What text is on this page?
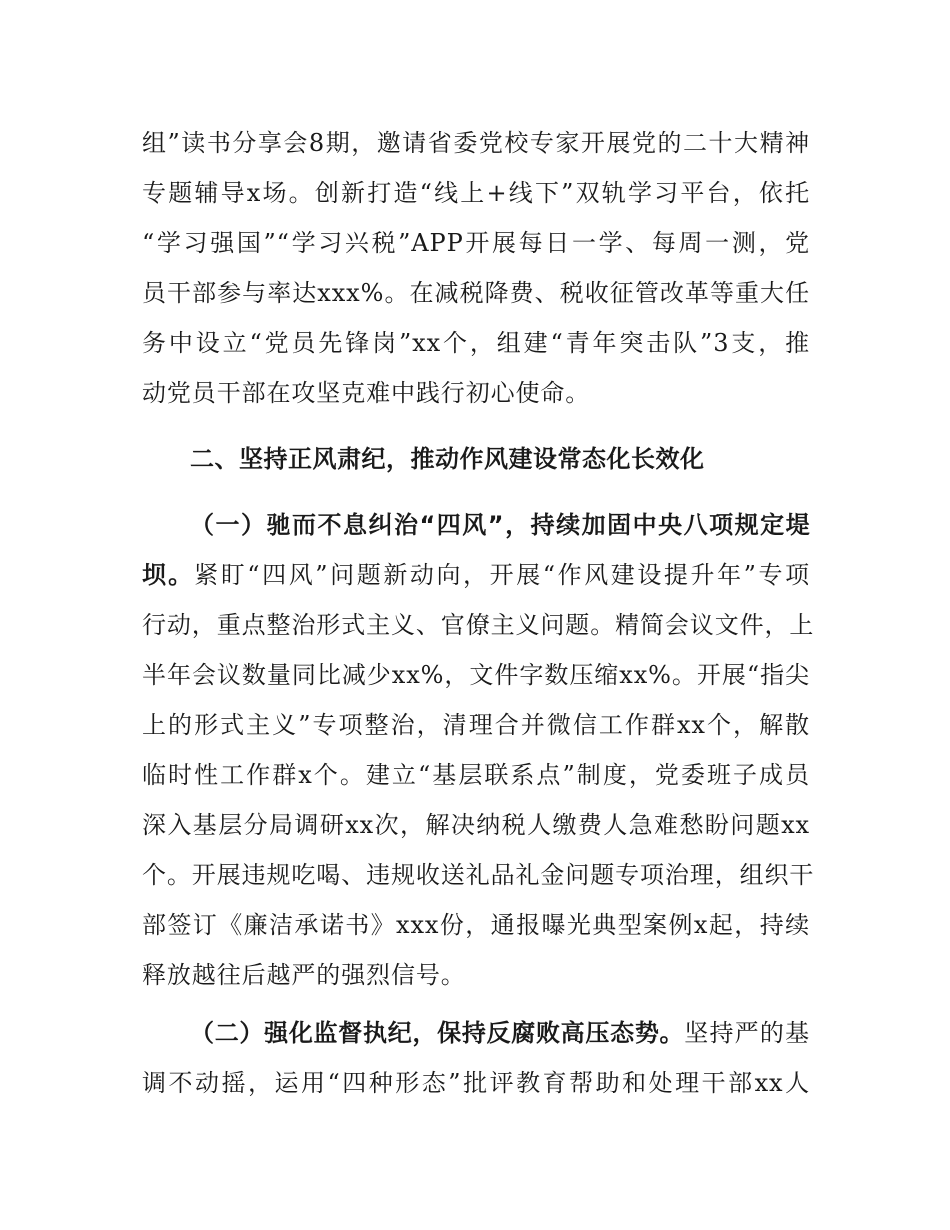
组”读书分享会8期，邀请省委党校专家开展党的二十大精神
专题辅导x场。创新打造“线上+线下”双轨学习平台，依托
“学习强国”“学习兴税”APP开展每日一学、每周一测，党
员干部参与率达xxx%。在减税降费、税收征管改革等重大任
务中设立“党员先锋岗”xx个，组建“青年突击队”3支，推
动党员干部在攻坚克难中践行初心使命。
二、坚持正风肃纪，推动作风建设常态化长效化
（一）驰而不息纠治“四风”，持续加固中央八项规定堤
坝。紧盯“四风”问题新动向，开展“作风建设提升年”专项
行动，重点整治形式主义、官僚主义问题。精简会议文件，上
半年会议数量同比减少xx%，文件字数压缩xx%。开展“指尖
上的形式主义”专项整治，清理合并微信工作群xx个，解散
临时性工作群x个。建立“基层联系点”制度，党委班子成员
深入基层分局调研xx次，解决纳税人缴费人急难愁盼问题xx
个。开展违规吃喝、违规收送礼品礼金问题专项治理，组织干
部签订《廉洁承诺书》xxx份，通报曝光典型案例x起，持续
释放越往后越严的强烈信号。
（二）强化监督执纪，保持反腐败高压态势。坚持严的基
调不动摇，运用“四种形态”批评教育帮助和处理干部xx人
